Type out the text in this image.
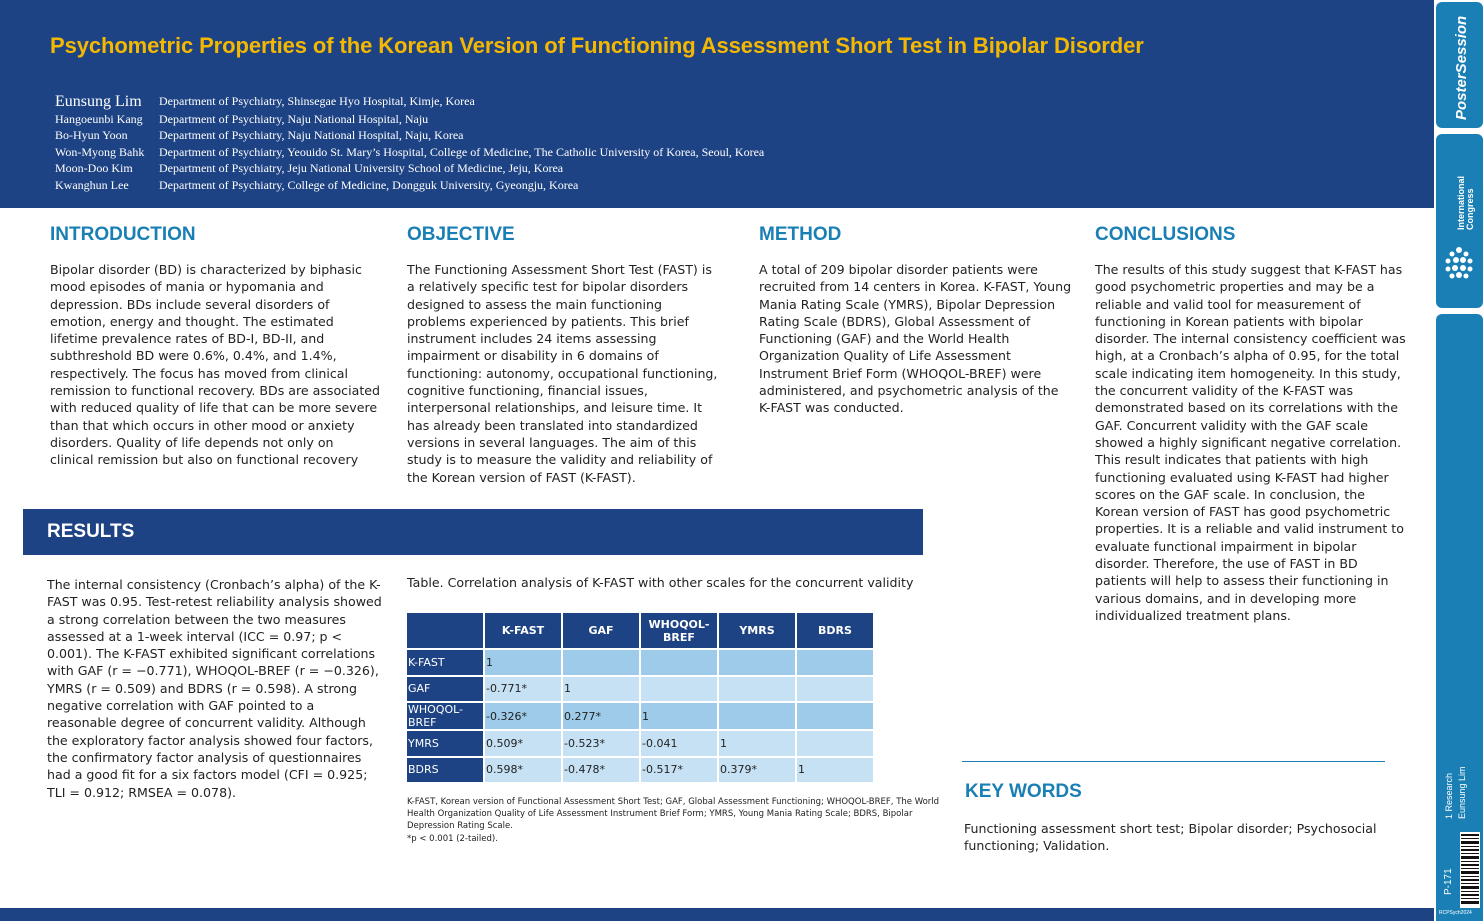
Psychometric Properties of the Korean Version of Functioning Assessment Short Test in Bipolar Disorder
Eunsung Lim	Department of Psychiatry, Shinsegae Hyo Hospital, Kimje, Korea
Hangoeunbi Kang	Department of Psychiatry, Naju National Hospital, Naju
Bo-Hyun Yoon	Department of Psychiatry, Naju National Hospital, Naju, Korea
Won-Myong Bahk	Department of Psychiatry, Yeouido St. Mary’s Hospital, College of Medicine, The Catholic University of Korea, Seoul, Korea
Moon-Doo Kim	Department of Psychiatry, Jeju National University School of Medicine, Jeju, Korea
Kwanghun Lee	Department of Psychiatry, College of Medicine, Dongguk University, Gyeongju, Korea
INTRODUCTION
Bipolar disorder (BD) is characterized by biphasic
mood episodes of mania or hypomania and
depression. BDs include several disorders of
emotion, energy and thought. The estimated
lifetime prevalence rates of BD-I, BD-II, and
subthreshold BD were 0.6%, 0.4%, and 1.4%,
respectively. The focus has moved from clinical
remission to functional recovery. BDs are associated
with reduced quality of life that can be more severe
than that which occurs in other mood or anxiety
disorders. Quality of life depends not only on
clinical remission but also on functional recovery
OBJECTIVE
The Functioning Assessment Short Test (FAST) is
a relatively specific test for bipolar disorders
designed to assess the main functioning
problems experienced by patients. This brief
instrument includes 24 items assessing
impairment or disability in 6 domains of
functioning: autonomy, occupational functioning,
cognitive functioning, financial issues,
interpersonal relationships, and leisure time. It
has already been translated into standardized
versions in several languages. The aim of this
study is to measure the validity and reliability of
the Korean version of FAST (K-FAST).
METHOD
A total of 209 bipolar disorder patients were
recruited from 14 centers in Korea. K-FAST, Young
Mania Rating Scale (YMRS), Bipolar Depression
Rating Scale (BDRS), Global Assessment of
Functioning (GAF) and the World Health
Organization Quality of Life Assessment
Instrument Brief Form (WHOQOL-BREF) were
administered, and psychometric analysis of the
K-FAST was conducted.
CONCLUSIONS
The results of this study suggest that K-FAST has
good psychometric properties and may be a
reliable and valid tool for measurement of
functioning in Korean patients with bipolar
disorder. The internal consistency coefficient was
high, at a Cronbach’s alpha of 0.95, for the total
scale indicating item homogeneity. In this study,
the concurrent validity of the K-FAST was
demonstrated based on its correlations with the
GAF. Concurrent validity with the GAF scale
showed a highly significant negative correlation.
This result indicates that patients with high
functioning evaluated using K-FAST had higher
scores on the GAF scale. In conclusion, the
Korean version of FAST has good psychometric
properties. It is a reliable and valid instrument to
evaluate functional impairment in bipolar
disorder. Therefore, the use of FAST in BD
patients will help to assess their functioning in
various domains, and in developing more
individualized treatment plans.
RESULTS
The internal consistency (Cronbach’s alpha) of the K-
FAST was 0.95. Test-retest reliability analysis showed
a strong correlation between the two measures
assessed at a 1-week interval (ICC = 0.97; p <
0.001). The K-FAST exhibited significant correlations
with GAF (r = −0.771), WHOQOL-BREF (r = −0.326),
YMRS (r = 0.509) and BDRS (r = 0.598). A strong
negative correlation with GAF pointed to a
reasonable degree of concurrent validity. Although
the exploratory factor analysis showed four factors,
the confirmatory factor analysis of questionnaires
had a good fit for a six factors model (CFI = 0.925;
TLI = 0.912; RMSEA = 0.078).
Table. Correlation analysis of K-FAST with other scales for the concurrent validity
	K-FAST	GAF	WHOQOL-BREF	YMRS	BDRS
K-FAST	1				
GAF	-0.771*	1			
WHOQOL-BREF	-0.326*	0.277*	1		
YMRS	0.509*	-0.523*	-0.041	1	
BDRS	0.598*	-0.478*	-0.517*	0.379*	1
K-FAST, Korean version of Functional Assessment Short Test; GAF, Global Assessment Functioning; WHOQOL-BREF, The World
Health Organization Quality of Life Assessment Instrument Brief Form; YMRS, Young Mania Rating Scale; BDRS, Bipolar
Depression Rating Scale.
*p < 0.001 (2-tailed).
KEY WORDS
Functioning assessment short test; Bipolar disorder; Psychosocial
functioning; Validation.
PosterSession
International Congress
1 Research Eunsung Lim
P-171
RCPSych2024
